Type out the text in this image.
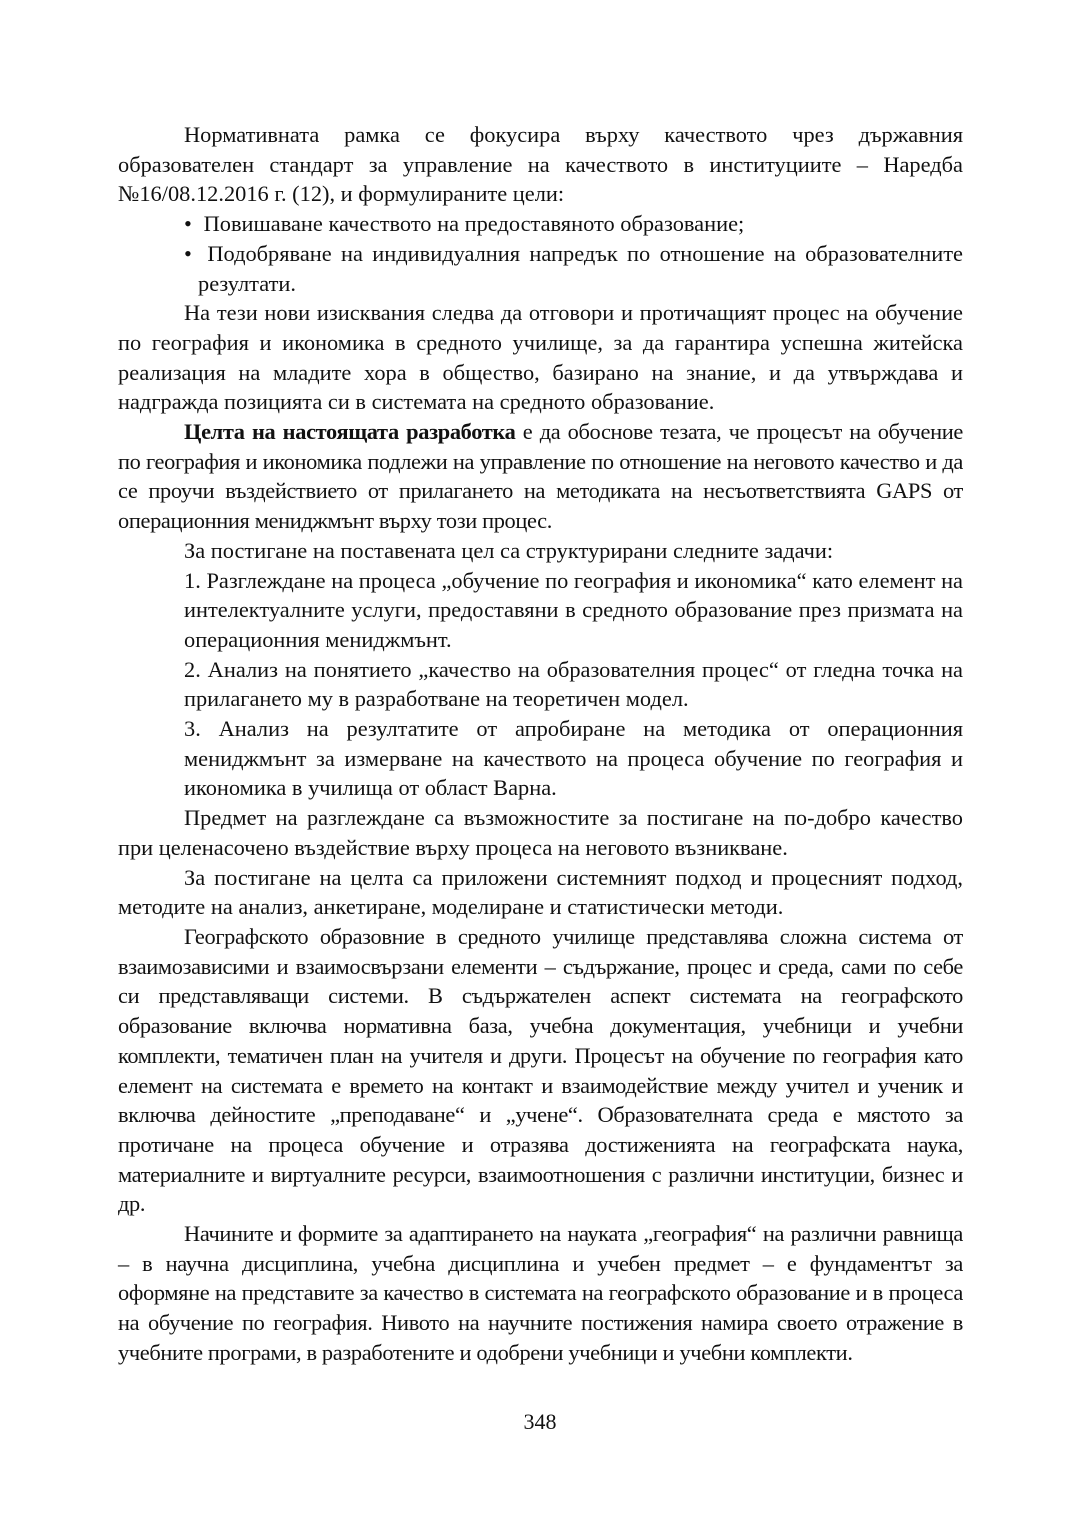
Нормативната рамка се фокусира върху качеството чрез държавния образователен стандарт за управление на качеството в институциите – Наредба №16/08.12.2016 г. (12), и формулираните цели:

• Повишаване качеството на предоставяното образование;

• Подобряване на индивидуалния напредък по отношение на образователните резултати.

На тези нови изисквания следва да отговори и протичащият процес на обучение по география и икономика в средното училище, за да гарантира успешна житейска реализация на младите хора в общество, базирано на знание, и да утвърждава и надгражда позицията си в системата на средното образование.

Целта на настоящата разработка е да обоснове тезата, че процесът на обучение по география и икономика подлежи на управление по отношение на неговото качество и да се проучи въздействието от прилагането на методиката на несъответствията GAPS от операционния мениджмънт върху този процес.

За постигане на поставената цел са структурирани следните задачи:

1. Разглеждане на процеса „обучение по география и икономика“ като елемент на интелектуалните услуги, предоставяни в средното образование през призмата на операционния мениджмънт.

2. Анализ на понятието „качество на образователния процес“ от гледна точка на прилагането му в разработване на теоретичен модел.

3. Анализ на резултатите от апробиране на методика от операционния мениджмънт за измерване на качеството на процеса обучение по география и икономика в училища от област Варна.

Предмет на разглеждане са възможностите за постигане на по-добро качество при целенасочено въздействие върху процеса на неговото възникване.

За постигане на целта са приложени системният подход и процесният подход, методите на анализ, анкетиране, моделиране и статистически методи.

Географското образовние в средното училище представлява сложна система от взаимозависими и взаимосвързани елементи – съдържание, процес и среда, сами по себе си представляващи системи. В съдържателен аспект системата на географското образование включва нормативна база, учебна документация, учебници и учебни комплекти, тематичен план на учителя и други. Процесът на обучение по география като елемент на системата е времето на контакт и взаимодействие между учител и ученик и включва дейностите „преподаване“ и „учене“. Образователната среда е мястото за протичане на процеса обучение и отразява достиженията на географската наука, материалните и виртуалните ресурси, взаимоотношения с различни институции, бизнес и др.

Начините и формите за адаптирането на науката „география“ на различни равнища – в научна дисциплина, учебна дисциплина и учебен предмет – е фундаментът за оформяне на представите за качество в системата на географското образование и в процеса на обучение по география. Нивото на научните постижения намира своето отражение в учебните програми, в разработените и одобрени учебници и учебни комплекти.

348
